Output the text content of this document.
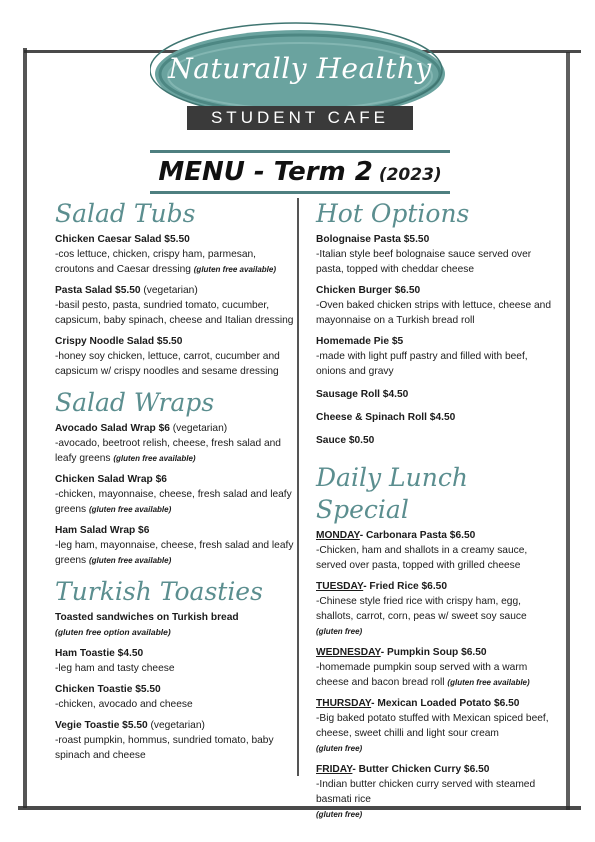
Naturally Healthy
STUDENT CAFE
MENU - Term 2 (2023)
Salad Tubs
Chicken Caesar Salad $5.50
-cos lettuce, chicken, crispy ham, parmesan, croutons and Caesar dressing (gluten free available)
Pasta Salad $5.50 (vegetarian)
-basil pesto, pasta, sundried tomato, cucumber, capsicum, baby spinach, cheese and Italian dressing
Crispy Noodle Salad $5.50
-honey soy chicken, lettuce, carrot, cucumber and capsicum w/ crispy noodles and sesame dressing
Salad Wraps
Avocado Salad Wrap $6 (vegetarian)
-avocado, beetroot relish, cheese, fresh salad and leafy greens (gluten free available)
Chicken Salad Wrap $6
-chicken, mayonnaise, cheese, fresh salad and leafy greens (gluten free available)
Ham Salad Wrap $6
-leg ham, mayonnaise, cheese, fresh salad and leafy greens (gluten free available)
Turkish Toasties
Toasted sandwiches on Turkish bread
(gluten free option available)
Ham Toastie $4.50
-leg ham and tasty cheese
Chicken Toastie $5.50
-chicken, avocado and cheese
Vegie Toastie $5.50 (vegetarian)
-roast pumpkin, hommus, sundried tomato, baby spinach and cheese
Hot Options
Bolognaise Pasta $5.50
-Italian style beef bolognaise sauce served over pasta, topped with cheddar cheese
Chicken Burger $6.50
-Oven baked chicken strips with lettuce, cheese and mayonnaise on a Turkish bread roll
Homemade Pie $5
-made with light puff pastry and filled with beef, onions and gravy
Sausage Roll $4.50
Cheese & Spinach Roll $4.50
Sauce $0.50
Daily Lunch Special
MONDAY- Carbonara Pasta $6.50
-Chicken, ham and shallots in a creamy sauce, served over pasta, topped with grilled cheese
TUESDAY- Fried Rice $6.50
-Chinese style fried rice with crispy ham, egg, shallots, carrot, corn, peas w/ sweet soy sauce
(gluten free)
WEDNESDAY- Pumpkin Soup $6.50
-homemade pumpkin soup served with a warm cheese and bacon bread roll (gluten free available)
THURSDAY- Mexican Loaded Potato $6.50
-Big baked potato stuffed with Mexican spiced beef, cheese, sweet chilli and light sour cream
(gluten free)
FRIDAY- Butter Chicken Curry $6.50
-Indian butter chicken curry served with steamed basmati rice
(gluten free)
